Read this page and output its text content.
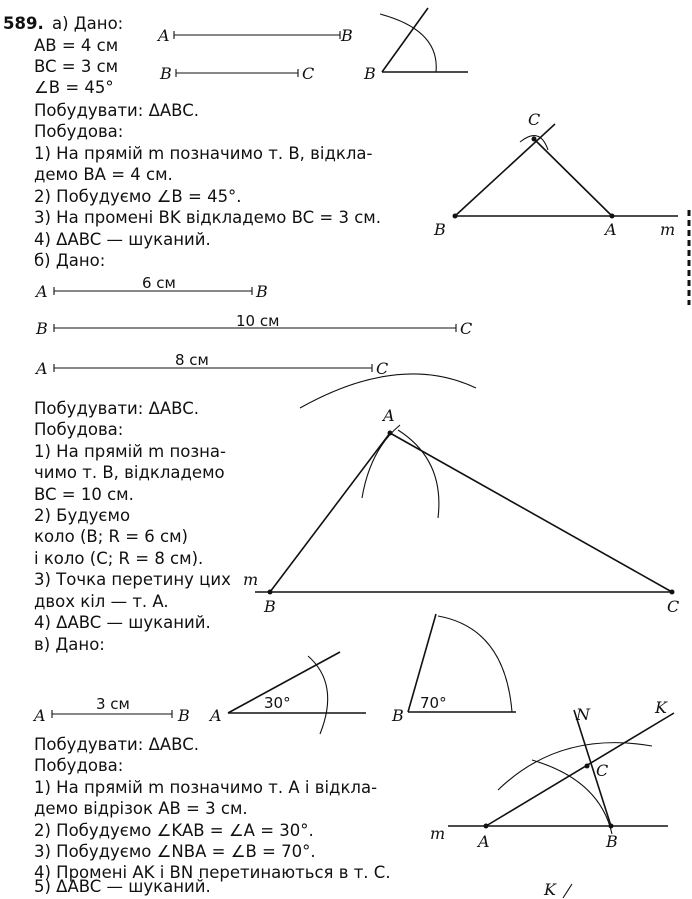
589. а) Дано:
AB = 4 см
BC = 3 см
∠B = 45°
Побудувати: ΔABC.
Побудова:
1) На прямій m позначимо т. B, відкла-
демо BA = 4 см.
2) Побудуємо ∠B = 45°.
3) На промені BK відкладемо BC = 3 см.
4) ΔABC — шуканий.
б) Дано:
Побудувати: ΔABC.
Побудова:
1) На прямій m позна-
чимо т. B, відкладемо
BC = 10 см.
2) Будуємо
коло (B; R = 6 см)
і коло (C; R = 8 см).
3) Точка перетину цих
двох кіл — т. A.
4) ΔABC — шуканий.
в) Дано:
Побудувати: ΔABC.
Побудова:
1) На прямій m позначимо т. A і відкла-
демо відрізок AB = 3 см.
2) Побудуємо ∠KAB = ∠A = 30°.
3) Побудуємо ∠NBA = ∠B = 70°.
4) Промені AK і BN перетинаються в т. C.
5) ΔABC — шуканий.
A	B
B	C	B
C
B	A	m
A	6 см	B
B	10 см	C
A	8 см	C
A
m
B	C
A
3 см
B A
30°
B
70°
N	K
C
m A	B
K
